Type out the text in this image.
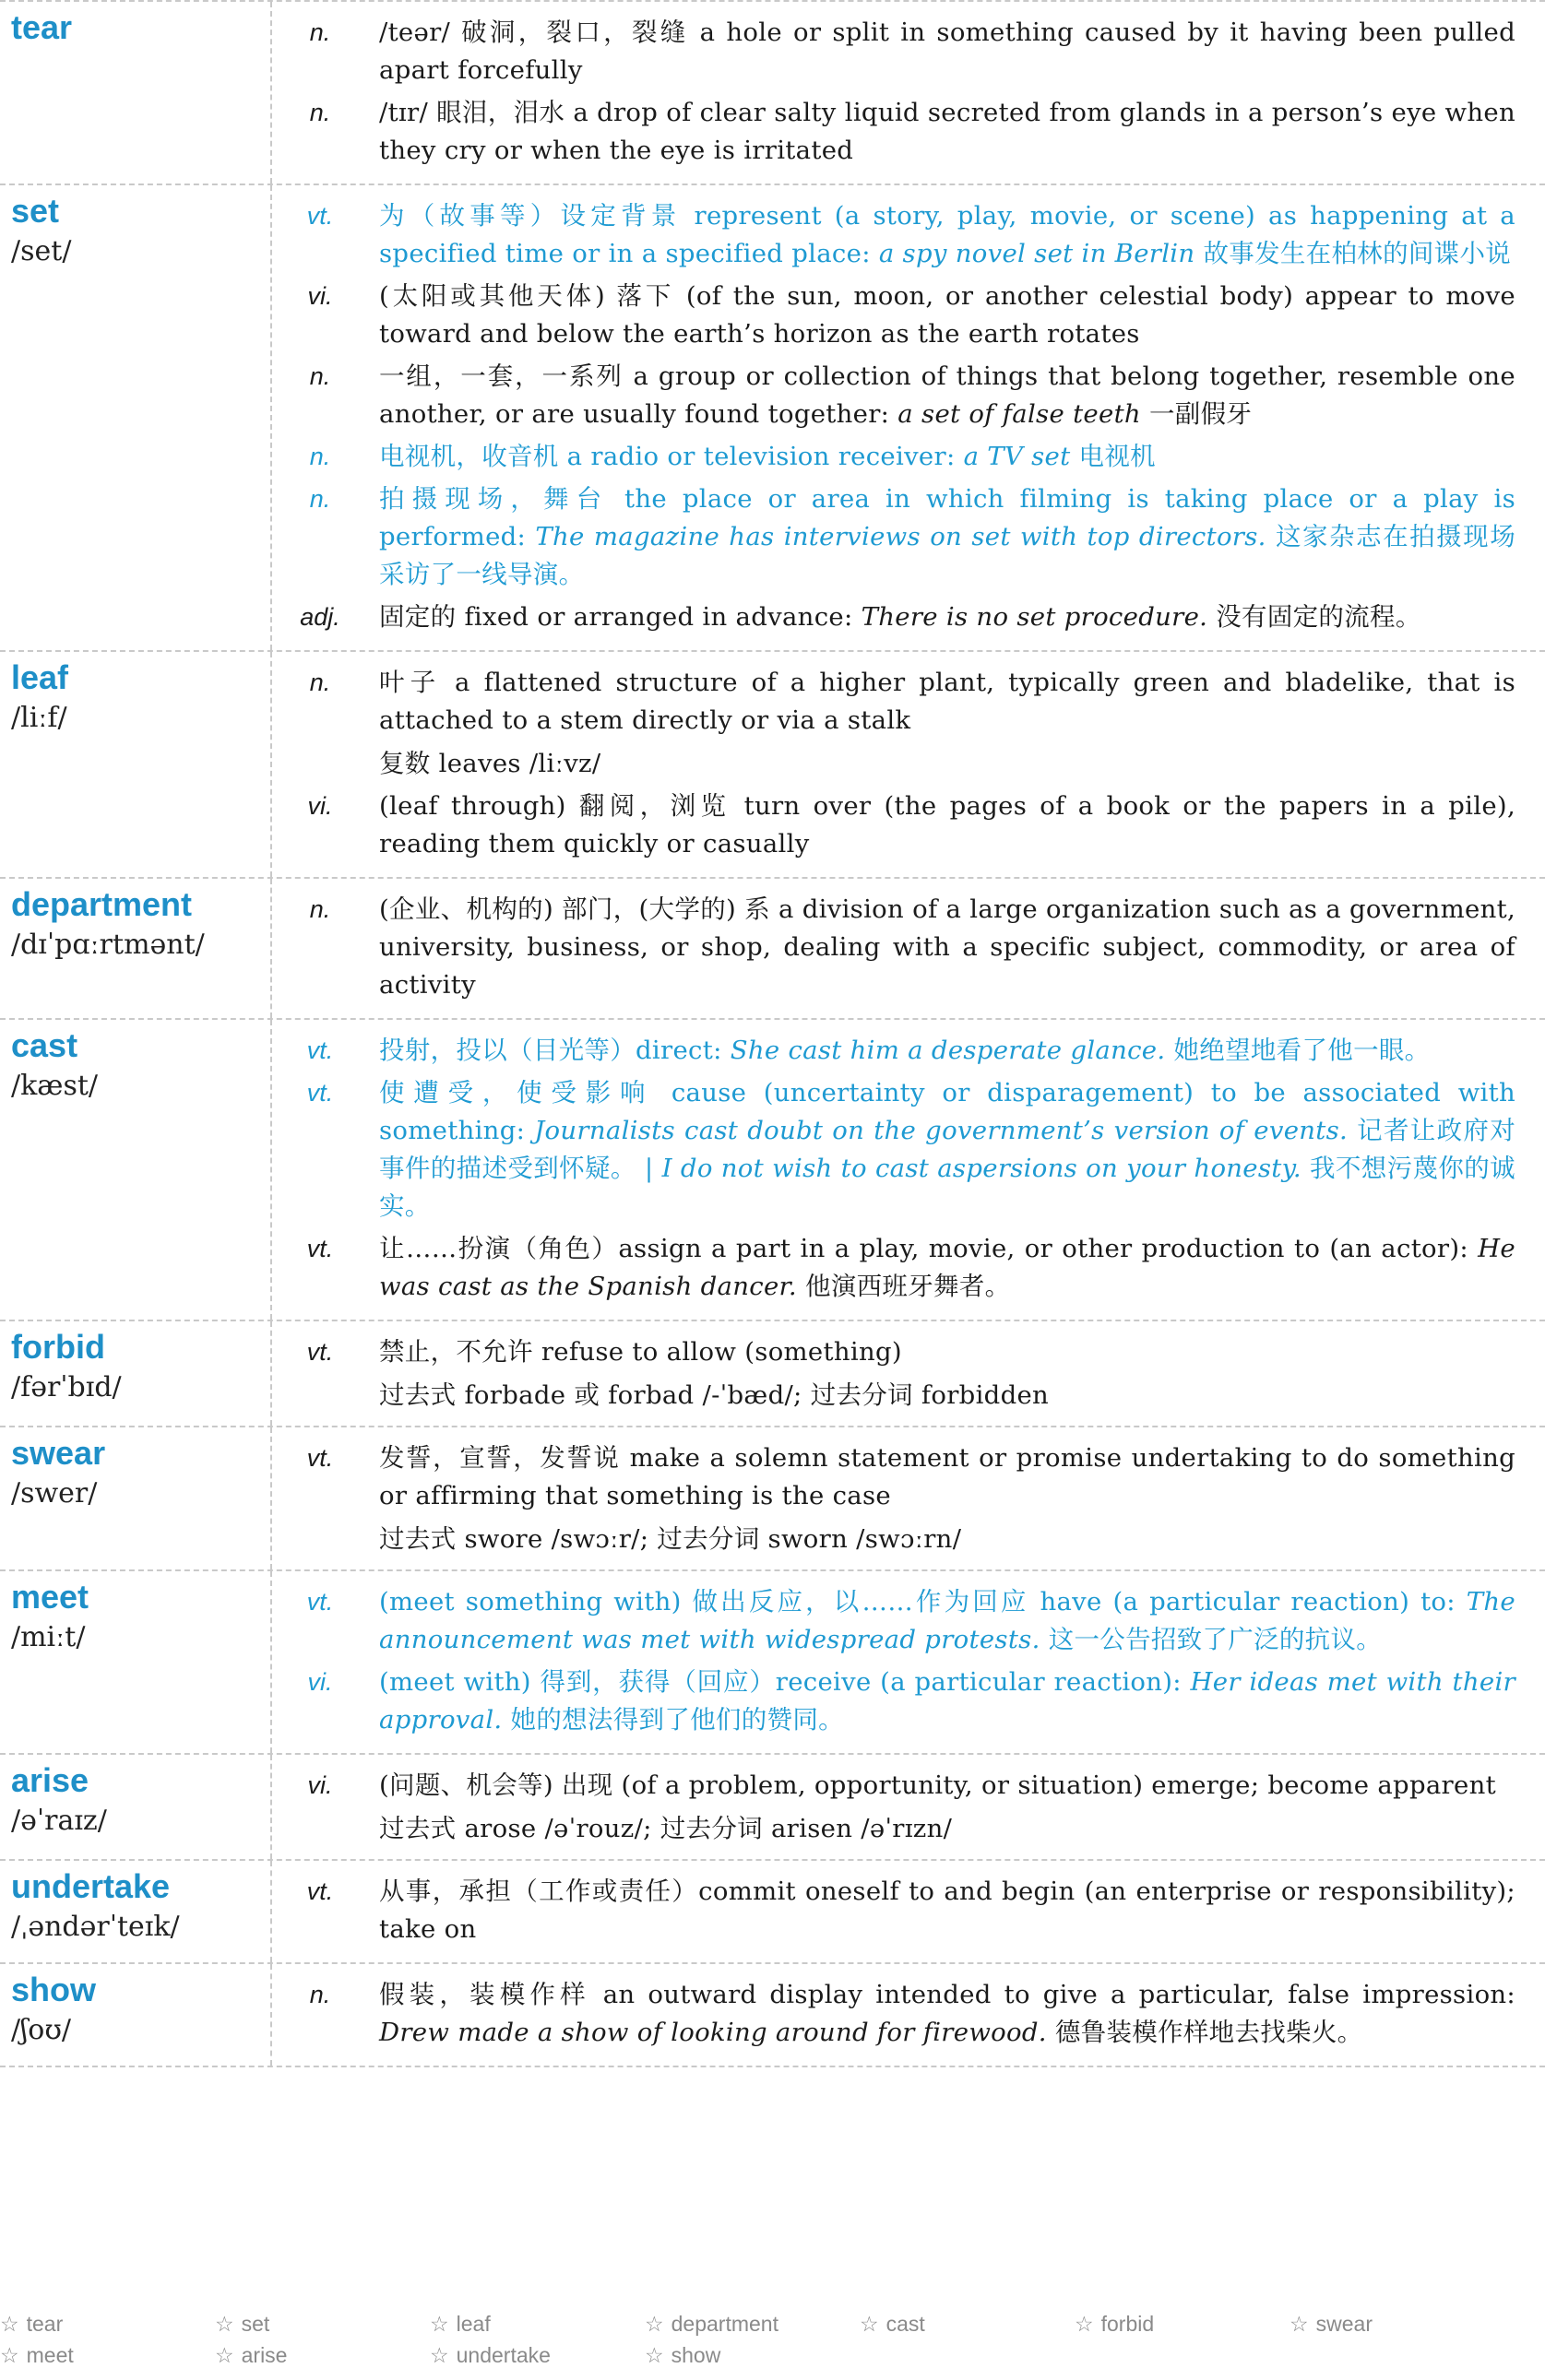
tear	n.	/teər/ 破洞，裂口，裂缝 a hole or split in something caused by it having been pulled apart forcefully
n.	/tɪr/ 眼泪，泪水 a drop of clear salty liquid secreted from glands in a person’s eye when they cry or when the eye is irritated
set
/set/
vt.	为（故事等）设定背景 represent (a story, play, movie, or scene) as happening at a specified time or in a specified place: a spy novel set in Berlin 故事发生在柏林的间谍小说
vi.	(太阳或其他天体) 落下 (of the sun, moon, or another celestial body) appear to move toward and below the earth’s horizon as the earth rotates
n.	一组，一套，一系列 a group or collection of things that belong together, resemble one another, or are usually found together: a set of false teeth 一副假牙
n.	电视机，收音机 a radio or television receiver: a TV set 电视机
n.	拍摄现场，舞台 the place or area in which filming is taking place or a play is performed: The magazine has interviews on set with top directors. 这家杂志在拍摄现场采访了一线导演。
adj.	固定的 fixed or arranged in advance: There is no set procedure. 没有固定的流程。
leaf
/liːf/
n.	叶子 a flattened structure of a higher plant, typically green and bladelike, that is attached to a stem directly or via a stalk
复数 leaves /liːvz/
vi.	(leaf through) 翻阅，浏览 turn over (the pages of a book or the papers in a pile), reading them quickly or casually
department
/dɪˈpɑːrtmənt/
n.	(企业、机构的) 部门，(大学的) 系 a division of a large organization such as a government, university, business, or shop, dealing with a specific subject, commodity, or area of activity
cast
/kæst/
vt.	投射，投以（目光等）direct: She cast him a desperate glance. 她绝望地看了他一眼。
vt.	使遭受，使受影响 cause (uncertainty or disparagement) to be associated with something: Journalists cast doubt on the government’s version of events. 记者让政府对事件的描述受到怀疑。 | I do not wish to cast aspersions on your honesty. 我不想污蔑你的诚实。
vt.	让……扮演（角色）assign a part in a play, movie, or other production to (an actor): He was cast as the Spanish dancer. 他演西班牙舞者。
forbid
/fərˈbɪd/
vt.	禁止，不允许 refuse to allow (something)
过去式 forbade 或 forbad /-ˈbæd/; 过去分词 forbidden
swear
/swer/
vt.	发誓，宣誓，发誓说 make a solemn statement or promise undertaking to do something or affirming that something is the case
过去式 swore /swɔːr/; 过去分词 sworn /swɔːrn/
meet
/miːt/
vt.	(meet something with) 做出反应，以……作为回应 have (a particular reaction) to: The announcement was met with widespread protests. 这一公告招致了广泛的抗议。
vi.	(meet with) 得到，获得（回应）receive (a particular reaction): Her ideas met with their approval. 她的想法得到了他们的赞同。
arise
/əˈraɪz/
vi.	(问题、机会等) 出现 (of a problem, opportunity, or situation) emerge; become apparent
过去式 arose /əˈrouz/; 过去分词 arisen /əˈrɪzn/
undertake
/ˌəndərˈteɪk/
vt.	从事，承担（工作或责任）commit oneself to and begin (an enterprise or responsibility); take on
show
/ʃoʊ/
n.	假装，装模作样 an outward display intended to give a particular, false impression: Drew made a show of looking around for firewood. 德鲁装模作样地去找柴火。
☆ tear	☆ set	☆ leaf	☆ department	☆ cast	☆ forbid	☆ swear
☆ meet	☆ arise	☆ undertake	☆ show
